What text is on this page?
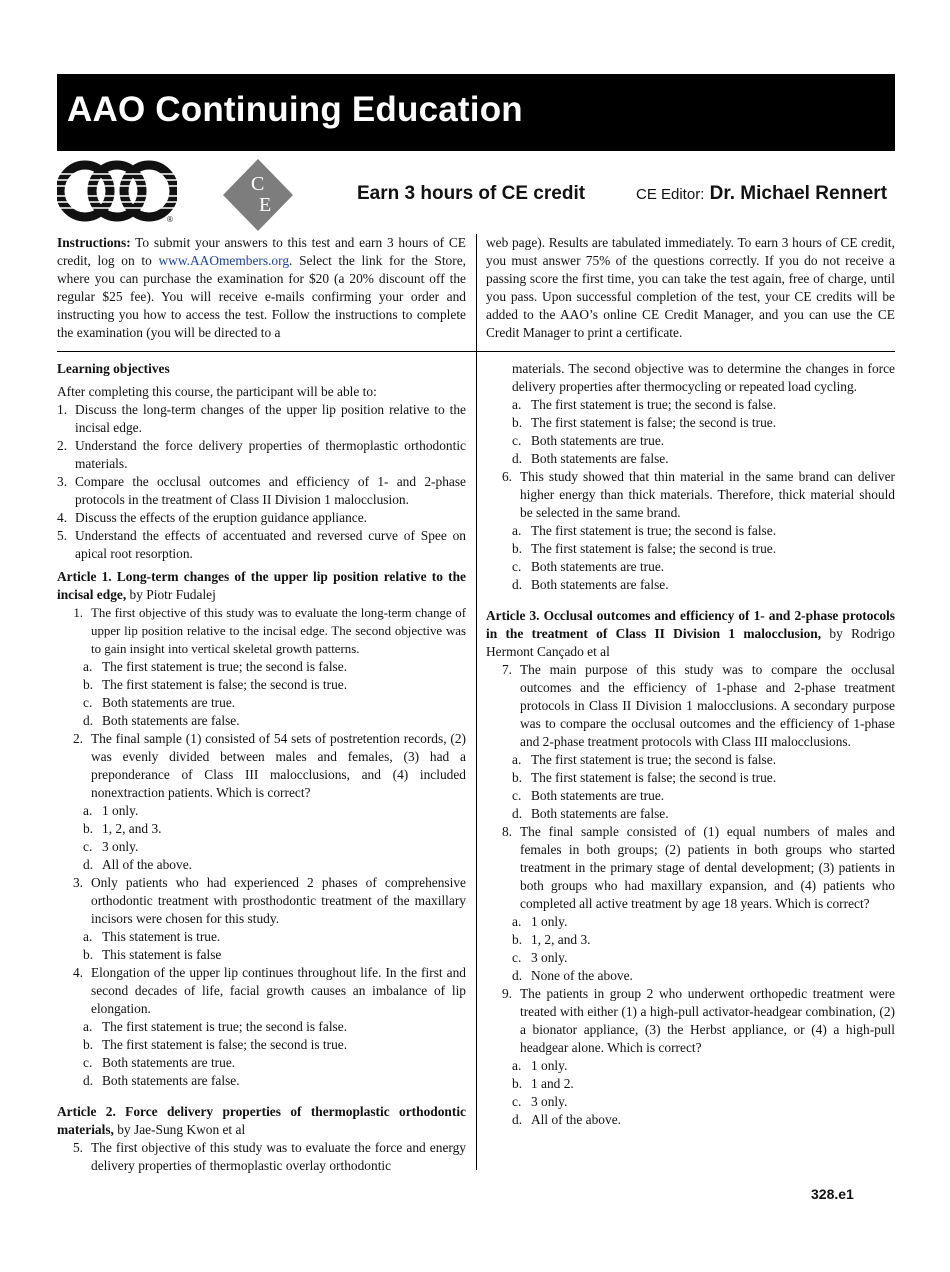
AAO Continuing Education
®
C
E
Earn 3 hours of CE credit	CE Editor: Dr. Michael Rennert
Instructions: To submit your answers to this test and earn 3 hours of CE credit, log on to www.AAOmembers.org. Select the link for the Store, where you can purchase the examination for $20 (a 20% discount off the regular $25 fee). You will receive e-mails confirming your order and instructing you how to access the test. Follow the instructions to complete the examination (you will be directed to a
web page). Results are tabulated immediately. To earn 3 hours of CE credit, you must answer 75% of the questions correctly. If you do not receive a passing score the first time, you can take the test again, free of charge, until you pass. Upon successful completion of the test, your CE credits will be added to the AAO’s online CE Credit Manager, and you can use the CE Credit Manager to print a certificate.

Learning objectives

After completing this course, the participant will be able to:

1. Discuss the long-term changes of the upper lip position relative to the incisal edge.
2. Understand the force delivery properties of thermoplastic orthodontic materials.
3. Compare the occlusal outcomes and efficiency of 1- and 2-phase protocols in the treatment of Class II Division 1 malocclusion.
4. Discuss the effects of the eruption guidance appliance.
5. Understand the effects of accentuated and reversed curve of Spee on apical root resorption.

Article 1. Long-term changes of the upper lip position relative to the incisal edge, by Piotr Fudalej

1. The first objective of this study was to evaluate the long-term change of upper lip position relative to the incisal edge. The second objective was to gain insight into vertical skeletal growth patterns.
a. The first statement is true; the second is false.
b. The first statement is false; the second is true.
c. Both statements are true.
d. Both statements are false.
2. The final sample (1) consisted of 54 sets of postretention records, (2) was evenly divided between males and females, (3) had a preponderance of Class III malocclusions, and (4) included nonextraction patients. Which is correct?
a. 1 only.
b. 1, 2, and 3.
c. 3 only.
d. All of the above.
3. Only patients who had experienced 2 phases of comprehensive orthodontic treatment with prosthodontic treatment of the maxillary incisors were chosen for this study.
a. This statement is true.
b. This statement is false
4. Elongation of the upper lip continues throughout life. In the first and second decades of life, facial growth causes an imbalance of lip elongation.
a. The first statement is true; the second is false.
b. The first statement is false; the second is true.
c. Both statements are true.
d. Both statements are false.

Article 2. Force delivery properties of thermoplastic orthodontic materials, by Jae-Sung Kwon et al

5. The first objective of this study was to evaluate the force and energy delivery properties of thermoplastic overlay orthodontic
materials. The second objective was to determine the changes in force delivery properties after thermocycling or repeated load cycling.
a. The first statement is true; the second is false.
b. The first statement is false; the second is true.
c. Both statements are true.
d. Both statements are false.
6. This study showed that thin material in the same brand can deliver higher energy than thick materials. Therefore, thick material should be selected in the same brand.
a. The first statement is true; the second is false.
b. The first statement is false; the second is true.
c. Both statements are true.
d. Both statements are false.

Article 3. Occlusal outcomes and efficiency of 1- and 2-phase protocols in the treatment of Class II Division 1 malocclusion, by Rodrigo Hermont Cançado et al

7. The main purpose of this study was to compare the occlusal outcomes and the efficiency of 1-phase and 2-phase treatment protocols in Class II Division 1 malocclusions. A secondary purpose was to compare the occlusal outcomes and the efficiency of 1-phase and 2-phase treatment protocols with Class III malocclusions.
a. The first statement is true; the second is false.
b. The first statement is false; the second is true.
c. Both statements are true.
d. Both statements are false.
8. The final sample consisted of (1) equal numbers of males and females in both groups; (2) patients in both groups who started treatment in the primary stage of dental development; (3) patients in both groups who had maxillary expansion, and (4) patients who completed all active treatment by age 18 years. Which is correct?
a. 1 only.
b. 1, 2, and 3.
c. 3 only.
d. None of the above.
9. The patients in group 2 who underwent orthopedic treatment were treated with either (1) a high-pull activator-headgear combination, (2) a bionator appliance, (3) the Herbst appliance, or (4) a high-pull headgear alone. Which is correct?
a. 1 only.
b. 1 and 2.
c. 3 only.
d. All of the above.
328.e1
